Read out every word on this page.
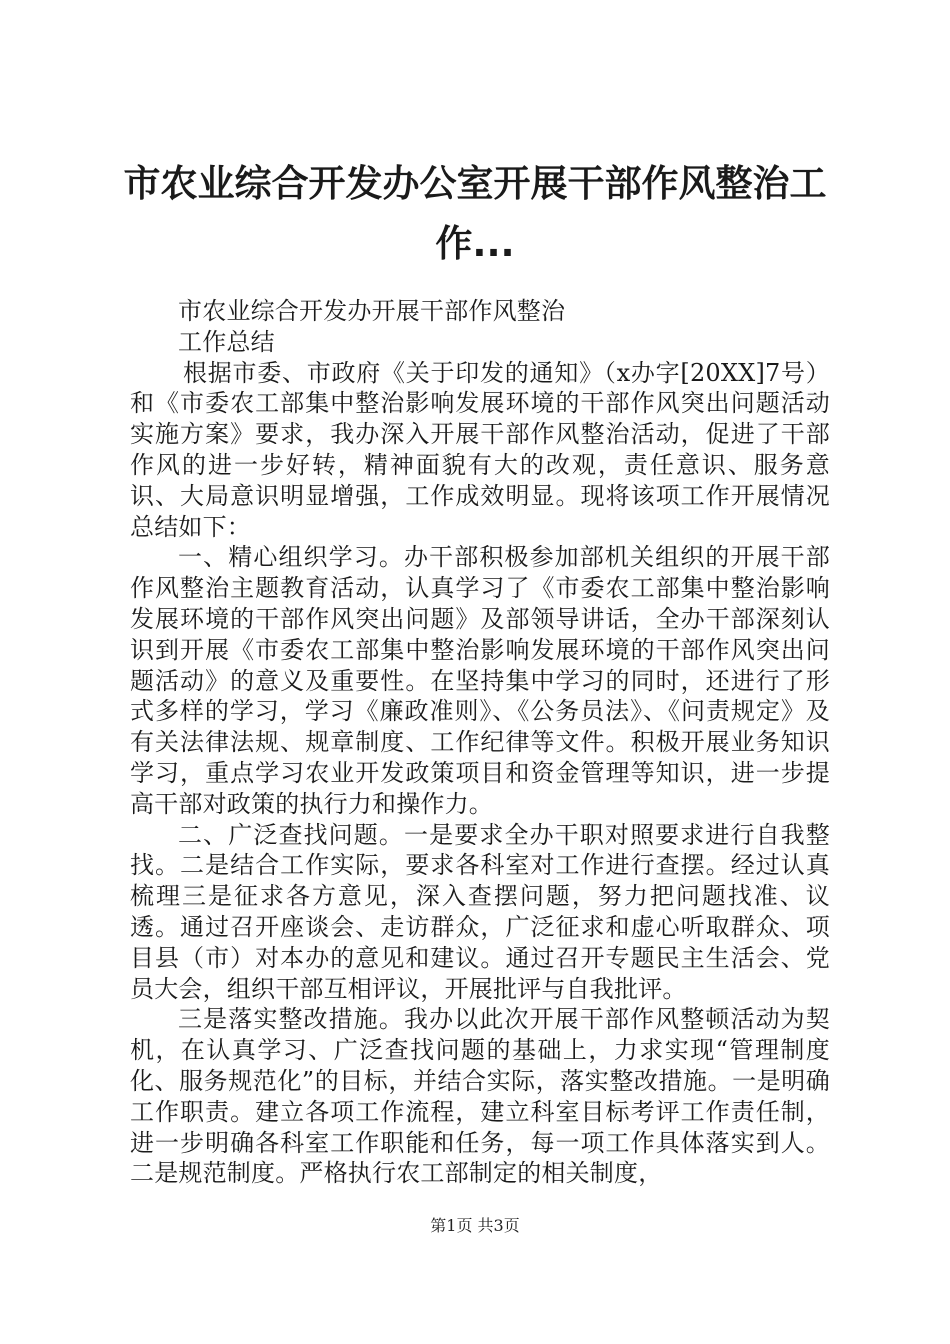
市农业综合开发办公室开展干部作风整治工
作...

市农业综合开发办开展干部作风整治

工作总结

根据市委、市政府《关于印发的通知》（x办字[20XX]7号）和《市委农工部集中整治影响发展环境的干部作风突出问题活动实施方案》要求，我办深入开展干部作风整治活动，促进了干部作风的进一步好转，精神面貌有大的改观，责任意识、服务意识、大局意识明显增强，工作成效明显。现将该项工作开展情况总结如下：

一、精心组织学习。办干部积极参加部机关组织的开展干部作风整治主题教育活动，认真学习了《市委农工部集中整治影响发展环境的干部作风突出问题》及部领导讲话，全办干部深刻认识到开展《市委农工部集中整治影响发展环境的干部作风突出问题活动》的意义及重要性。在坚持集中学习的同时，还进行了形式多样的学习，学习《廉政准则》、《公务员法》、《问责规定》及有关法律法规、规章制度、工作纪律等文件。积极开展业务知识学习，重点学习农业开发政策项目和资金管理等知识，进一步提高干部对政策的执行力和操作力。

二、广泛查找问题。一是要求全办干职对照要求进行自我整找。二是结合工作实际，要求各科室对工作进行查摆。经过认真梳理三是征求各方意见，深入查摆问题，努力把问题找准、议透。通过召开座谈会、走访群众，广泛征求和虚心听取群众、项目县（市）对本办的意见和建议。通过召开专题民主生活会、党员大会，组织干部互相评议，开展批评与自我批评。

三是落实整改措施。我办以此次开展干部作风整顿活动为契机，在认真学习、广泛查找问题的基础上，力求实现“管理制度化、服务规范化”的目标，并结合实际，落实整改措施。一是明确工作职责。建立各项工作流程，建立科室目标考评工作责任制，进一步明确各科室工作职能和任务，每一项工作具体落实到人。二是规范制度。严格执行农工部制定的相关制度，

第1页 共3页
